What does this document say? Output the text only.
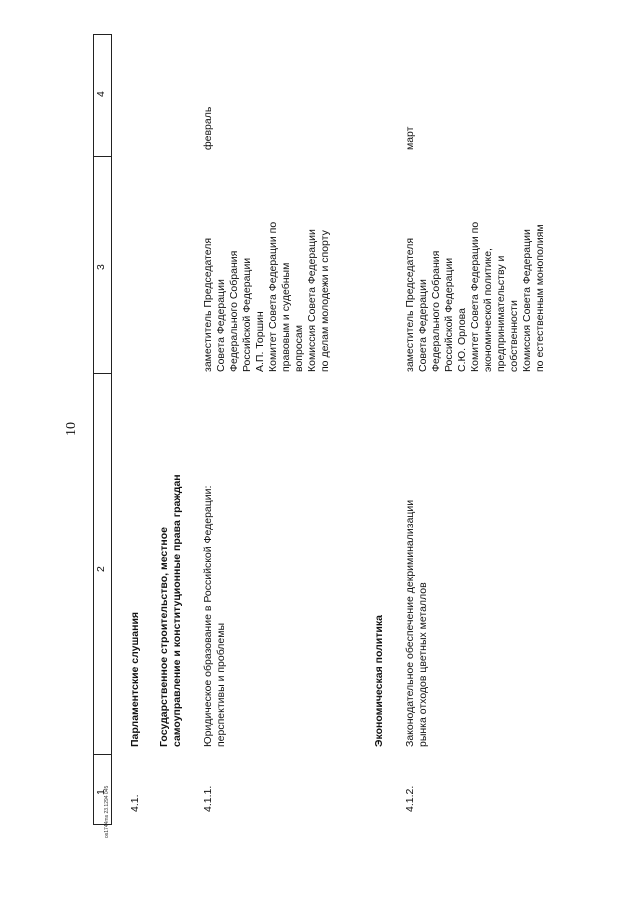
10
1
2
3
4
4.1.
Парламентские слушания Государственное строительство, местное самоуправление и конституционные права граждан
4.1.1.
Юридическое образование в Российской Федерации: перспективы и проблемы
заместитель Председателя Совета Федерации Федерального Собрания Российской Федерации А.П. Торшин Комитет Совета Федерации по правовым и судебным вопросам Комиссия Совета Федерации по делам молодежи и спорту
февраль
Экономическая политика
4.1.2.
Законодательное обеспечение декриминализации рынка отходов цветных металлов
заместитель Председателя Совета Федерации Федерального Собрания Российской Федерации С.Ю. Орлова Комитет Совета Федерации по экономической политике, предпринимательству и собственности Комиссия Совета Федерации по естественным монополиям
март
os1744ms 23.1294 045
